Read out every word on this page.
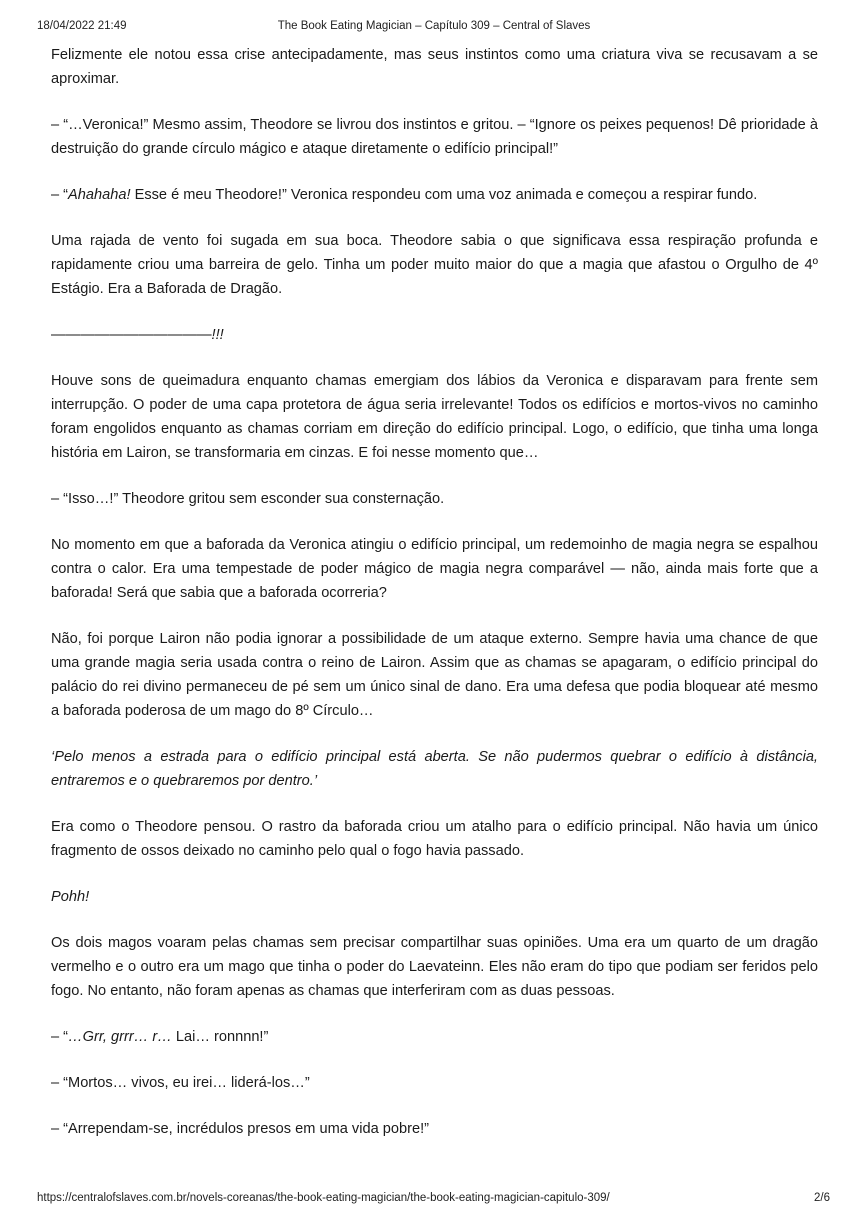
18/04/2022 21:49	The Book Eating Magician – Capítulo 309 – Central of Slaves

Felizmente ele notou essa crise antecipadamente, mas seus instintos como uma criatura viva se recusavam a se aproximar.

– “…Veronica!” Mesmo assim, Theodore se livrou dos instintos e gritou. – “Ignore os peixes pequenos! Dê prioridade à destruição do grande círculo mágico e ataque diretamente o edifício principal!”

– “Ahahaha! Esse é meu Theodore!” Veronica respondeu com uma voz animada e começou a respirar fundo.

Uma rajada de vento foi sugada em sua boca. Theodore sabia o que significava essa respiração profunda e rapidamente criou uma barreira de gelo. Tinha um poder muito maior do que a magia que afastou o Orgulho de 4º Estágio. Era a Baforada de Dragão.

———————————!!!

Houve sons de queimadura enquanto chamas emergiam dos lábios da Veronica e disparavam para frente sem interrupção. O poder de uma capa protetora de água seria irrelevante! Todos os edifícios e mortos-vivos no caminho foram engolidos enquanto as chamas corriam em direção do edifício principal. Logo, o edifício, que tinha uma longa história em Lairon, se transformaria em cinzas. E foi nesse momento que…

– “Isso…!” Theodore gritou sem esconder sua consternação.

No momento em que a baforada da Veronica atingiu o edifício principal, um redemoinho de magia negra se espalhou contra o calor. Era uma tempestade de poder mágico de magia negra comparável — não, ainda mais forte que a baforada! Será que sabia que a baforada ocorreria?

Não, foi porque Lairon não podia ignorar a possibilidade de um ataque externo. Sempre havia uma chance de que uma grande magia seria usada contra o reino de Lairon. Assim que as chamas se apagaram, o edifício principal do palácio do rei divino permaneceu de pé sem um único sinal de dano. Era uma defesa que podia bloquear até mesmo a baforada poderosa de um mago do 8º Círculo…

‘Pelo menos a estrada para o edifício principal está aberta. Se não pudermos quebrar o edifício à distância, entraremos e o quebraremos por dentro.’

Era como o Theodore pensou. O rastro da baforada criou um atalho para o edifício principal. Não havia um único fragmento de ossos deixado no caminho pelo qual o fogo havia passado.

Pohh!

Os dois magos voaram pelas chamas sem precisar compartilhar suas opiniões. Uma era um quarto de um dragão vermelho e o outro era um mago que tinha o poder do Laevateinn. Eles não eram do tipo que podiam ser feridos pelo fogo. No entanto, não foram apenas as chamas que interferiram com as duas pessoas.

– “…Grr, grrr… r… Lai… ronnnn!”

– “Mortos… vivos, eu irei… liderá-los…”

– “Arrependam-se, incrédulos presos em uma vida pobre!”

https://centralofslaves.com.br/novels-coreanas/the-book-eating-magician/the-book-eating-magician-capitulo-309/	2/6
